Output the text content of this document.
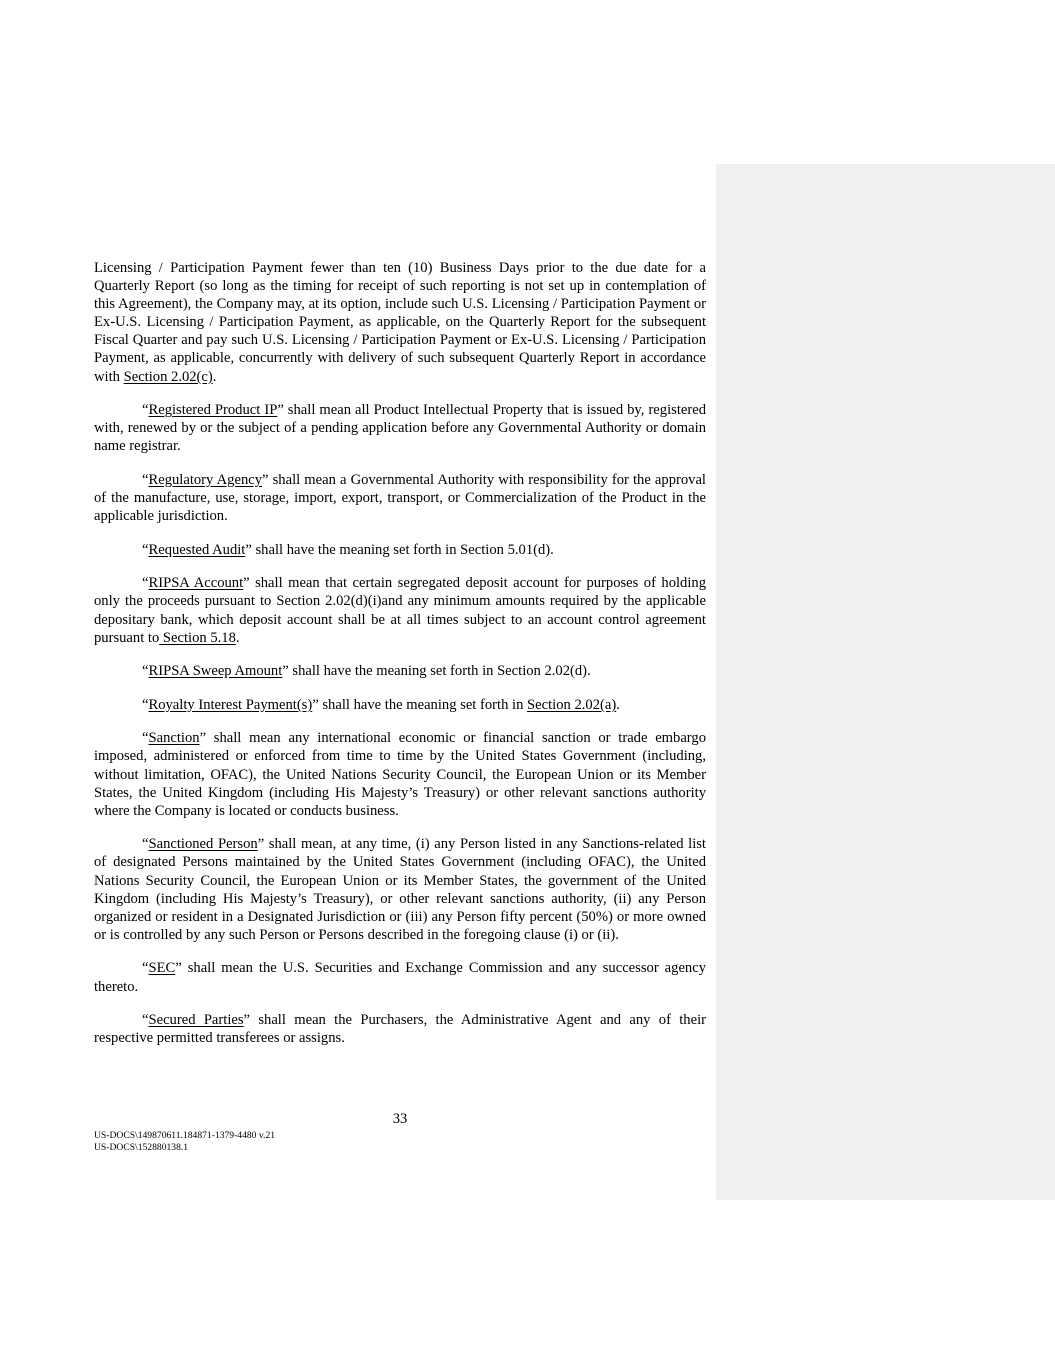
Licensing / Participation Payment fewer than ten (10) Business Days prior to the due date for a Quarterly Report (so long as the timing for receipt of such reporting is not set up in contemplation of this Agreement), the Company may, at its option, include such U.S. Licensing / Participation Payment or Ex-U.S. Licensing / Participation Payment, as applicable, on the Quarterly Report for the subsequent Fiscal Quarter and pay such U.S. Licensing / Participation Payment or Ex-U.S. Licensing / Participation Payment, as applicable, concurrently with delivery of such subsequent Quarterly Report in accordance with Section 2.02(c).

“Registered Product IP” shall mean all Product Intellectual Property that is issued by, registered with, renewed by or the subject of a pending application before any Governmental Authority or domain name registrar.

“Regulatory Agency” shall mean a Governmental Authority with responsibility for the approval of the manufacture, use, storage, import, export, transport, or Commercialization of the Product in the applicable jurisdiction.

“Requested Audit” shall have the meaning set forth in Section 5.01(d).

“RIPSA Account” shall mean that certain segregated deposit account for purposes of holding only the proceeds pursuant to Section 2.02(d)(i)and any minimum amounts required by the applicable depositary bank, which deposit account shall be at all times subject to an account control agreement pursuant to Section 5.18.

“RIPSA Sweep Amount” shall have the meaning set forth in Section 2.02(d).

“Royalty Interest Payment(s)” shall have the meaning set forth in Section 2.02(a).

“Sanction” shall mean any international economic or financial sanction or trade embargo imposed, administered or enforced from time to time by the United States Government (including, without limitation, OFAC), the United Nations Security Council, the European Union or its Member States, the United Kingdom (including His Majesty’s Treasury) or other relevant sanctions authority where the Company is located or conducts business.

“Sanctioned Person” shall mean, at any time, (i) any Person listed in any Sanctions-related list of designated Persons maintained by the United States Government (including OFAC), the United Nations Security Council, the European Union or its Member States, the government of the United Kingdom (including His Majesty’s Treasury), or other relevant sanctions authority, (ii) any Person organized or resident in a Designated Jurisdiction or (iii) any Person fifty percent (50%) or more owned or is controlled by any such Person or Persons described in the foregoing clause (i) or (ii).

“SEC” shall mean the U.S. Securities and Exchange Commission and any successor agency thereto.

“Secured Parties” shall mean the Purchasers, the Administrative Agent and any of their respective permitted transferees or assigns.

33
US-DOCS\149870611.184871-1379-4480 v.21
US-DOCS\152880138.1
